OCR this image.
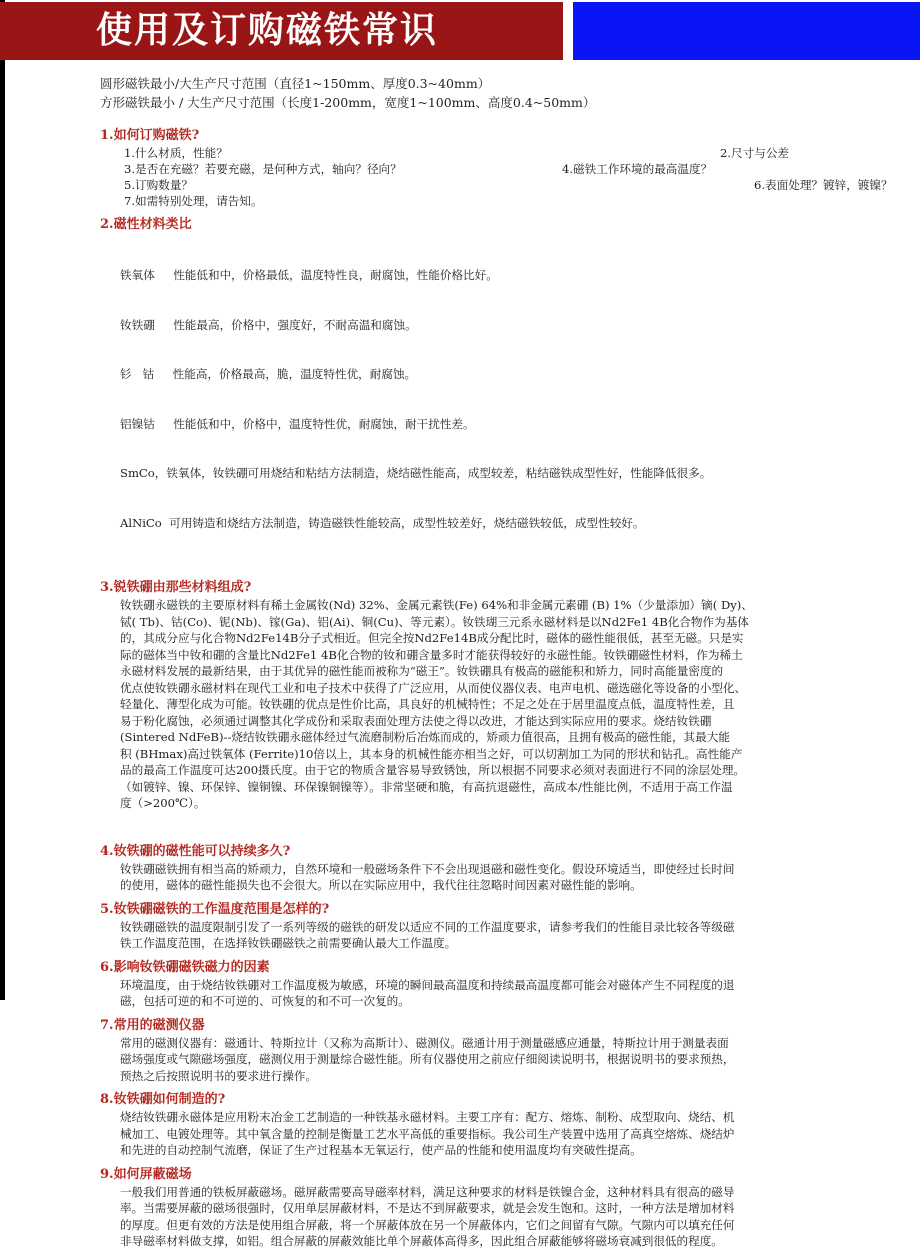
使用及订购磁铁常识
圆形磁铁最小/大生产尺寸范围（直径1~150mm、厚度0.3~40mm）
方形磁铁最小 / 大生产尺寸范围（长度1-200mm，宽度1~100mm、高度0.4~50mm）
1.如何订购磁铁?
1.什么材质，性能？	2.尺寸与公差
3.是否在充磁？若要充磁，是何种方式，轴向？径向？	4.磁铁工作环境的最高温度？
5.订购数量？	6.表面处理？镀锌，镀镍？
7.如需特别处理，请告知。
2.磁性材料类比

铁氧体     性能低和中，价格最低，温度特性良，耐腐蚀，性能价格比好。

钕铁硼     性能最高，价格中，强度好，不耐高温和腐蚀。

钐   钴     性能高，价格最高，脆，温度特性优，耐腐蚀。

铝镍钴     性能低和中，价格中，温度特性优，耐腐蚀，耐干扰性差。

SmCo，铁氧体，钕铁硼可用烧结和粘结方法制造，烧结磁性能高，成型较差，粘结磁铁成型性好，性能降低很多。

AlNiCo  可用铸造和烧结方法制造，铸造磁铁性能较高，成型性较差好，烧结磁铁较低，成型性较好。

3.锐铁硼由那些材料组成?
钕铁硼永磁铁的主要原材料有稀土金属钕(Nd) 32%、金属元素铁(Fe) 64%和非金属元素硼 (B) 1%（少量添加）镝( Dy)、
铽( Tb)、钴(Co)、铌(Nb)、镓(Ga)、铝(Ai)、铜(Cu)、等元素）。钕铁瑚三元系永磁材料是以Nd2Fe1 4B化合物作为基体
的，其成分应与化合物Nd2Fe14B分子式相近。但完全按Nd2Fe14B成分配比时，磁体的磁性能很低，甚至无磁。只是实
际的磁体当中钕和硼的含量比Nd2Fe1 4B化合物的钕和硼含量多时才能获得较好的永磁性能。钕铁硼磁性材料，作为稀土
永磁材料发展的最新结果，由于其优异的磁性能而被称为“磁王”。钕铁硼具有极高的磁能积和矫力，同时高能量密度的
优点使钕铁硼永磁材料在现代工业和电子技术中获得了广泛应用，从而使仪器仪表、电声电机、磁选磁化等设备的小型化、
轻量化、薄型化成为可能。钕铁硼的优点是性价比高，具良好的机械特性；不足之处在于居里温度点低，温度特性差，且
易于粉化腐蚀，必须通过调整其化学成份和采取表面处理方法使之得以改进，才能达到实际应用的要求。烧结钕铁硼
(Sintered NdFeB)--烧结钕铁硼永磁体经过气流磨制粉后冶炼而成的，矫顽力值很高，且拥有极高的磁性能，其最大能
积 (BHmax)高过铁氧体 (Ferrite)10倍以上，其本身的机械性能亦相当之好，可以切割加工为同的形状和钻孔。高性能产
品的最高工作温度可达200摄氏度。由于它的物质含量容易导致锈蚀，所以根据不同要求必须对表面进行不同的涂层处理。
（如镀锌、镍、环保锌、镍铜镍、环保镍铜镍等）。非常坚硬和脆，有高抗退磁性，高成本/性能比例，不适用于高工作温
度（>200℃）。
4.钕铁硼的磁性能可以持续多久?
钕铁硼磁铁拥有相当高的矫顽力，自然环境和一般磁场条件下不会出现退磁和磁性变化。假设环境适当，即使经过长时间
的使用，磁体的磁性能损失也不会很大。所以在实际应用中，我代往往忽略时间因素对磁性能的影响。
5.钕铁硼磁铁的工作温度范围是怎样的?
钕铁硼磁铁的温度限制引发了一系列等级的磁铁的研发以适应不同的工作温度要求，请参考我们的性能目录比较各等级磁
铁工作温度范围，在选择钕铁硼磁铁之前需要确认最大工作温度。
6.影响钕铁硼磁铁磁力的因素
环境温度，由于烧结钕铁硼对工作温度极为敏感，环境的瞬间最高温度和持续最高温度都可能会对磁体产生不同程度的退
磁，包括可逆的和不可逆的、可恢复的和不可一次复的。
7.常用的磁测仪器
常用的磁测仪器有：磁通计、特斯拉计（又称为高斯计）、磁测仪。磁通计用于测量磁感应通量，特斯拉计用于测量表面
磁场强度或气隙磁场强度，磁测仪用于测量综合磁性能。所有仪器使用之前应仔细阅读说明书，根据说明书的要求预热，
预热之后按照说明书的要求进行操作。
8.钕铁硼如何制造的?
烧结钕铁硼永磁体是应用粉末冶金工艺制造的一种铁基永磁材料。主要工序有：配方、熔炼、制粉、成型取向、烧结、机
械加工、电镀处理等。其中氧含量的控制是衡量工艺水平高低的重要指标。我公司生产装置中选用了高真空熔炼、烧结炉
和先进的自动控制气流磨，保证了生产过程基本无氧运行，使产品的性能和使用温度均有突破性提高。
9.如何屏蔽磁场
一般我们用普通的铁板屏蔽磁场。磁屏蔽需要高导磁率材料，满足这种要求的材料是铁镍合金，这种材料具有很高的磁导
率。当需要屏蔽的磁场很强时，仅用单层屏蔽材料，不是达不到屏蔽要求，就是会发生饱和。这时，一种方法是增加材料
的厚度。但更有效的方法是使用组合屏蔽，将一个屏蔽体放在另一个屏蔽体内，它们之间留有气隙。气隙内可以填充任何
非导磁率材料做支撑，如铝。组合屏蔽的屏蔽效能比单个屏蔽体高得多，因此组合屏蔽能够将磁场衰减到很低的程度。
